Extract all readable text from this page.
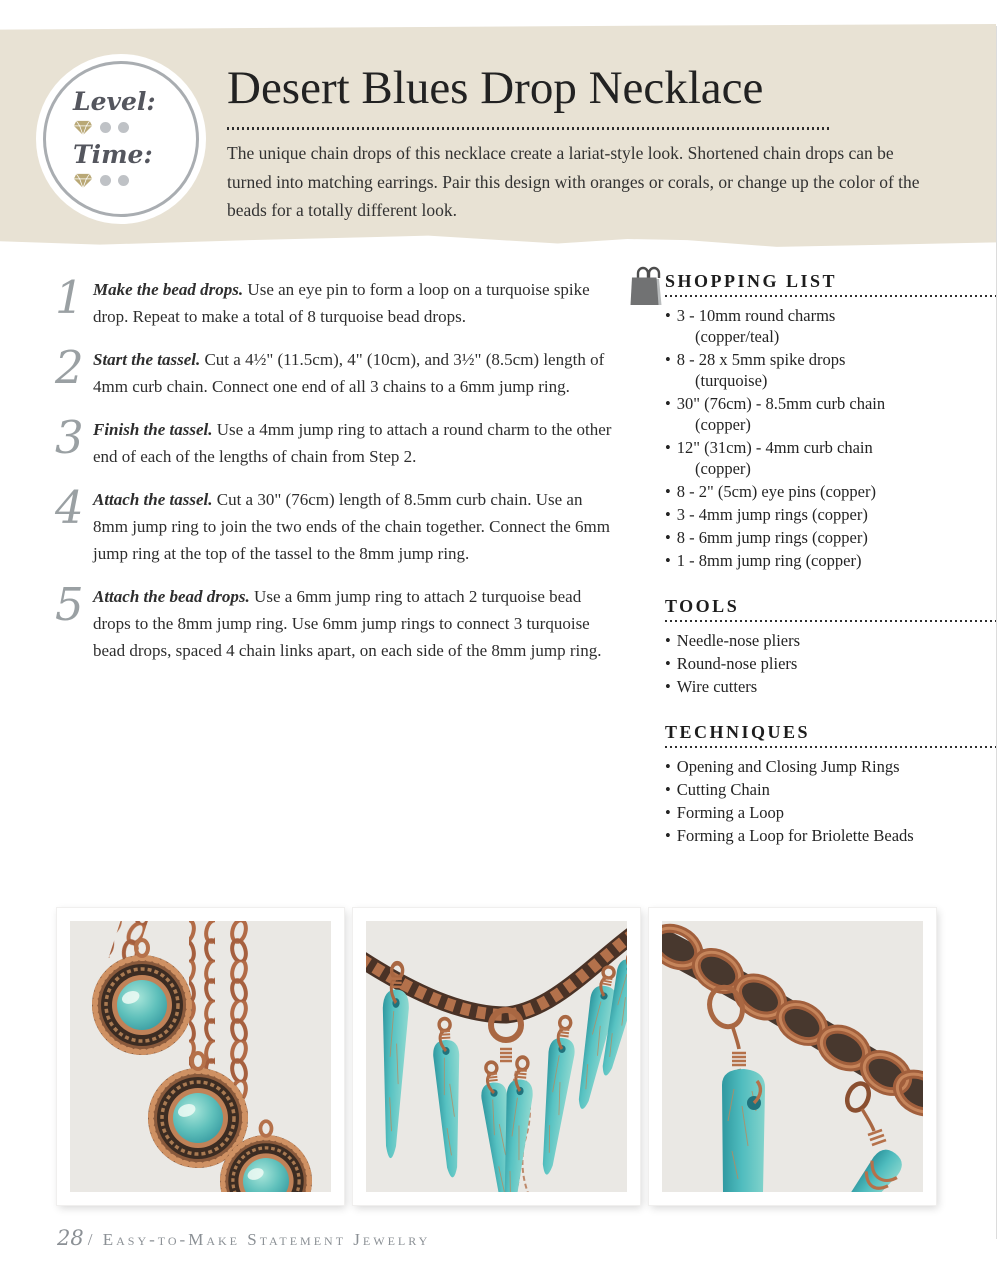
Level:
Time:
Desert Blues Drop Necklace
The unique chain drops of this necklace create a lariat-style look. Shortened chain drops can be turned into matching earrings. Pair this design with oranges or corals, or change up the color of the beads for a totally different look.
1 Make the bead drops. Use an eye pin to form a loop on a turquoise spike drop. Repeat to make a total of 8 turquoise bead drops.
2 Start the tassel. Cut a 4½" (11.5cm), 4" (10cm), and 3½" (8.5cm) length of 4mm curb chain. Connect one end of all 3 chains to a 6mm jump ring.
3 Finish the tassel. Use a 4mm jump ring to attach a round charm to the other end of each of the lengths of chain from Step 2.
4 Attach the tassel. Cut a 30" (76cm) length of 8.5mm curb chain. Use an 8mm jump ring to join the two ends of the chain together. Connect the 6mm jump ring at the top of the tassel to the 8mm jump ring.
5 Attach the bead drops. Use a 6mm jump ring to attach 2 turquoise bead drops to the 8mm jump ring. Use 6mm jump rings to connect 3 turquoise bead drops, spaced 4 chain links apart, on each side of the 8mm jump ring.
SHOPPING LIST
• 3 - 10mm round charms
(copper/teal)
• 8 - 28 x 5mm spike drops
(turquoise)
• 30" (76cm) - 8.5mm curb chain
(copper)
• 12" (31cm) - 4mm curb chain
(copper)
• 8 - 2" (5cm) eye pins (copper)
• 3 - 4mm jump rings (copper)
• 8 - 6mm jump rings (copper)
• 1 - 8mm jump ring (copper)
TOOLS
• Needle-nose pliers
• Round-nose pliers
• Wire cutters
TECHNIQUES
• Opening and Closing Jump Rings
• Cutting Chain
• Forming a Loop
• Forming a Loop for Briolette Beads
28 / Easy-to-Make Statement Jewelry
